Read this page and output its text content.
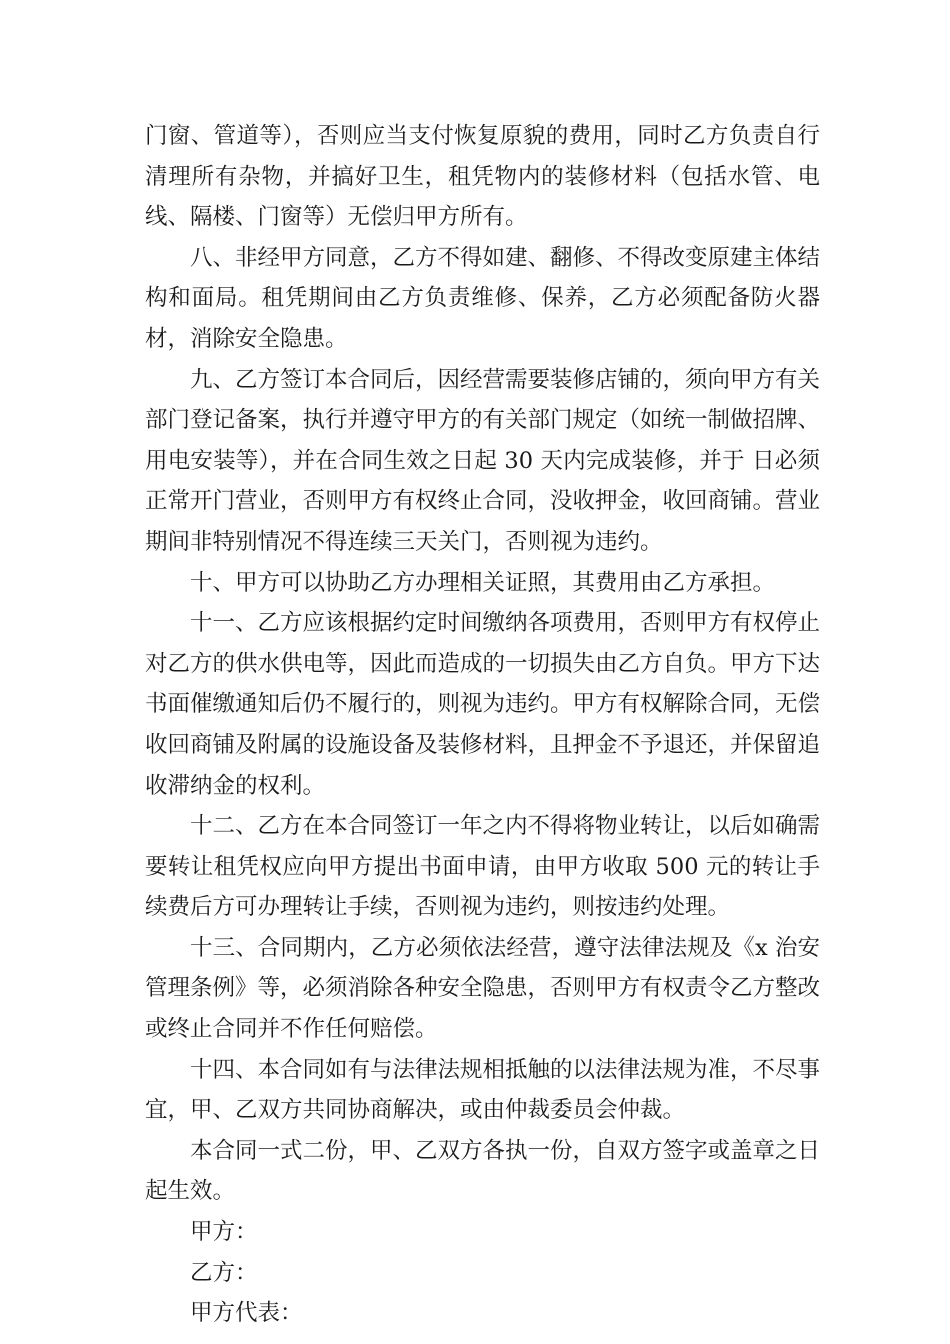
门窗、管道等），否则应当支付恢复原貌的费用，同时乙方负责自行清理所有杂物，并搞好卫生，租凭物内的装修材料（包括水管、电线、隔楼、门窗等）无偿归甲方所有。

八、非经甲方同意，乙方不得如建、翻修、不得改变原建主体结构和面局。租凭期间由乙方负责维修、保养，乙方必须配备防火器材，消除安全隐患。

九、乙方签订本合同后，因经营需要装修店铺的，须向甲方有关部门登记备案，执行并遵守甲方的有关部门规定（如统一制做招牌、用电安装等），并在合同生效之日起 30 天内完成装修，并于 日必须正常开门营业，否则甲方有权终止合同，没收押金，收回商铺。营业期间非特别情况不得连续三天关门，否则视为违约。

十、甲方可以协助乙方办理相关证照，其费用由乙方承担。

十一、乙方应该根据约定时间缴纳各项费用，否则甲方有权停止对乙方的供水供电等，因此而造成的一切损失由乙方自负。甲方下达书面催缴通知后仍不履行的，则视为违约。甲方有权解除合同，无偿收回商铺及附属的设施设备及装修材料，且押金不予退还，并保留追收滞纳金的权利。

十二、乙方在本合同签订一年之内不得将物业转让，以后如确需要转让租凭权应向甲方提出书面申请，由甲方收取 500 元的转让手续费后方可办理转让手续，否则视为违约，则按违约处理。

十三、合同期内，乙方必须依法经营，遵守法律法规及《x 治安管理条例》等，必须消除各种安全隐患，否则甲方有权责令乙方整改或终止合同并不作任何赔偿。

十四、本合同如有与法律法规相抵触的以法律法规为准，不尽事宜，甲、乙双方共同协商解决，或由仲裁委员会仲裁。

本合同一式二份，甲、乙双方各执一份，自双方签字或盖章之日起生效。

甲方：

乙方：

甲方代表：
